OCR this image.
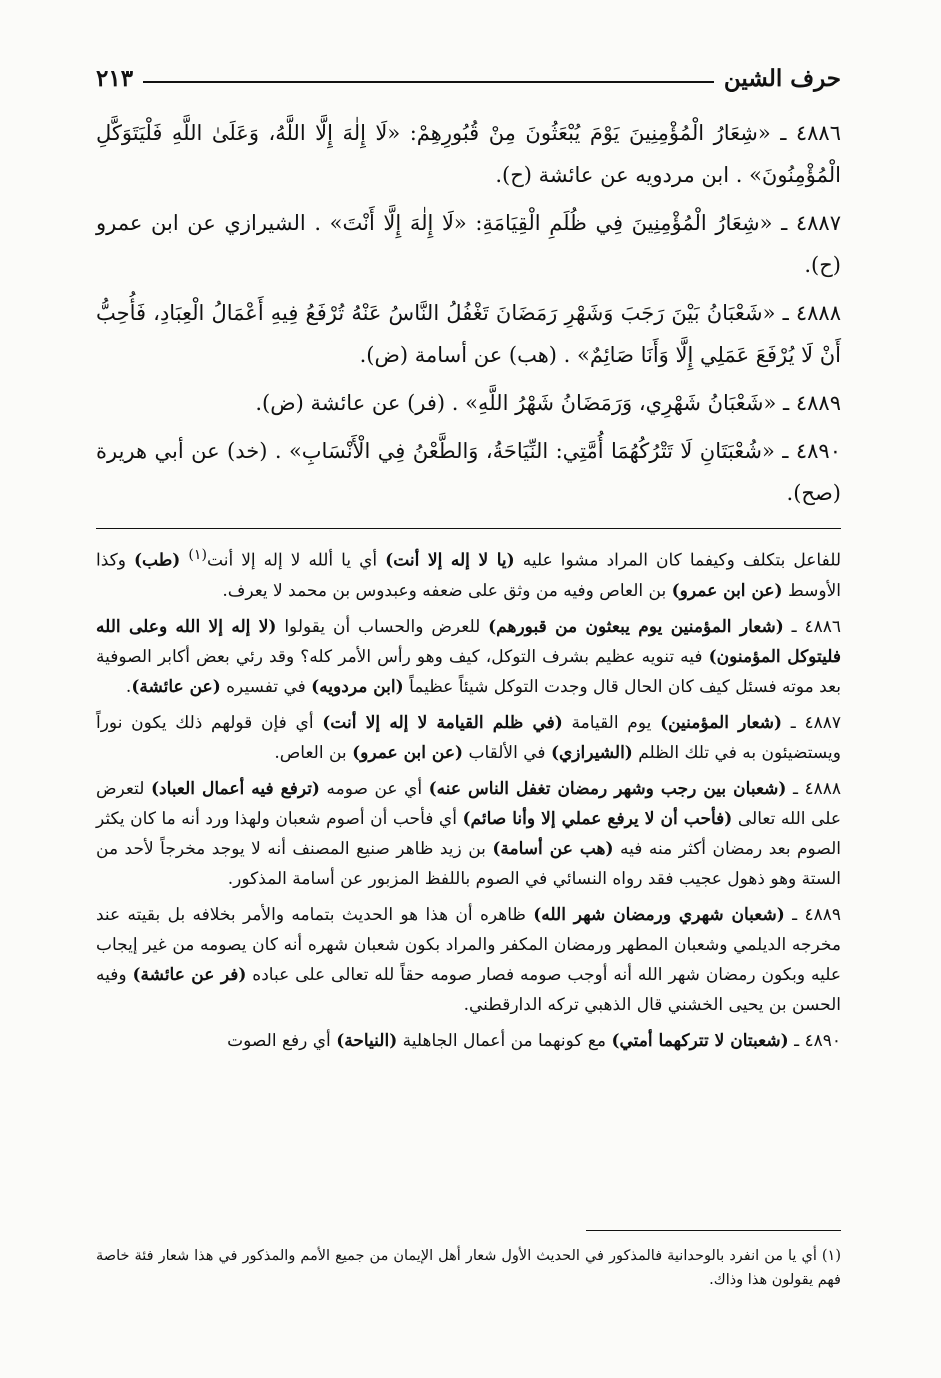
حرف الشين
٢١٣

٤٨٨٦ ـ «شِعَارُ الْمُؤْمِنِينَ يَوْمَ يُبْعَثُونَ مِنْ قُبُورِهِمْ: «لَا إِلٰهَ إِلَّا اللَّهُ، وَعَلَىٰ اللَّهِ فَلْيَتَوَكَّلِ الْمُؤْمِنُونَ» . ابن مردويه عن عائشة (ح).

٤٨٨٧ ـ «شِعَارُ الْمُؤْمِنِينَ فِي ظُلَمِ الْقِيَامَةِ: «لَا إِلٰهَ إِلَّا أَنْتَ» . الشيرازي عن ابن عمرو (ح).

٤٨٨٨ ـ «شَعْبَانُ بَيْنَ رَجَبَ وَشَهْرِ رَمَضَانَ تَغْفُلُ النَّاسُ عَنْهُ تُرْفَعُ فِيهِ أَعْمَالُ الْعِبَادِ، فَأُحِبُّ أَنْ لَا يُرْفَعَ عَمَلِي إِلَّا وَأَنَا صَائِمٌ» . (هب) عن أسامة (ض).

٤٨٨٩ ـ «شَعْبَانُ شَهْرِي، وَرَمَضَانُ شَهْرُ اللَّهِ» . (فر) عن عائشة (ض).

٤٨٩٠ ـ «شُعْبَتَانِ لَا تَتْرُكُهُمَا أُمَّتِي: النِّيَاحَةُ، وَالطَّعْنُ فِي الْأَنْسَابِ» . (خد) عن أبي هريرة (صح).

للفاعل بتكلف وكيفما كان المراد مشوا عليه (يا لا إله إلا أنت) أي يا ألله لا إله إلا أنت$^{(١)}$ (طب) وكذا الأوسط (عن ابن عمرو) بن العاص وفيه من وثق على ضعفه وعبدوس بن محمد لا يعرف.

٤٨٨٦ ـ (شعار المؤمنين يوم يبعثون من قبورهم) للعرض والحساب أن يقولوا (لا إله إلا الله وعلى الله فليتوكل المؤمنون) فيه تنويه عظيم بشرف التوكل، كيف وهو رأس الأمر كله؟ وقد رئي بعض أكابر الصوفية بعد موته فسئل كيف كان الحال قال وجدت التوكل شيئاً عظيماً (ابن مردويه) في تفسيره (عن عائشة).

٤٨٨٧ ـ (شعار المؤمنين) يوم القيامة (في ظلم القيامة لا إله إلا أنت) أي فإن قولهم ذلك يكون نوراً ويستضيئون به في تلك الظلم (الشيرازي) في الألقاب (عن ابن عمرو) بن العاص.

٤٨٨٨ ـ (شعبان بين رجب وشهر رمضان تغفل الناس عنه) أي عن صومه (ترفع فيه أعمال العباد) لتعرض على الله تعالى (فأحب أن لا يرفع عملي إلا وأنا صائم) أي فأحب أن أصوم شعبان ولهذا ورد أنه ما كان يكثر الصوم بعد رمضان أكثر منه فيه (هب عن أسامة) بن زيد ظاهر صنيع المصنف أنه لا يوجد مخرجاً لأحد من الستة وهو ذهول عجيب فقد رواه النسائي في الصوم باللفظ المزبور عن أسامة المذكور.

٤٨٨٩ ـ (شعبان شهري ورمضان شهر الله) ظاهره أن هذا هو الحديث بتمامه والأمر بخلافه بل بقيته عند مخرجه الديلمي وشعبان المطهر ورمضان المكفر والمراد بكون شعبان شهره أنه كان يصومه من غير إيجاب عليه وبكون رمضان شهر الله أنه أوجب صومه فصار صومه حقاً لله تعالى على عباده (فر عن عائشة) وفيه الحسن بن يحيى الخشني قال الذهبي تركه الدارقطني.

٤٨٩٠ ـ (شعبتان لا تتركهما أمتي) مع كونهما من أعمال الجاهلية (النياحة) أي رفع الصوت

(١) أي يا من انفرد بالوحدانية فالمذكور في الحديث الأول شعار أهل الإيمان من جميع الأمم والمذكور في هذا شعار فئة خاصة فهم يقولون هذا وذاك.
